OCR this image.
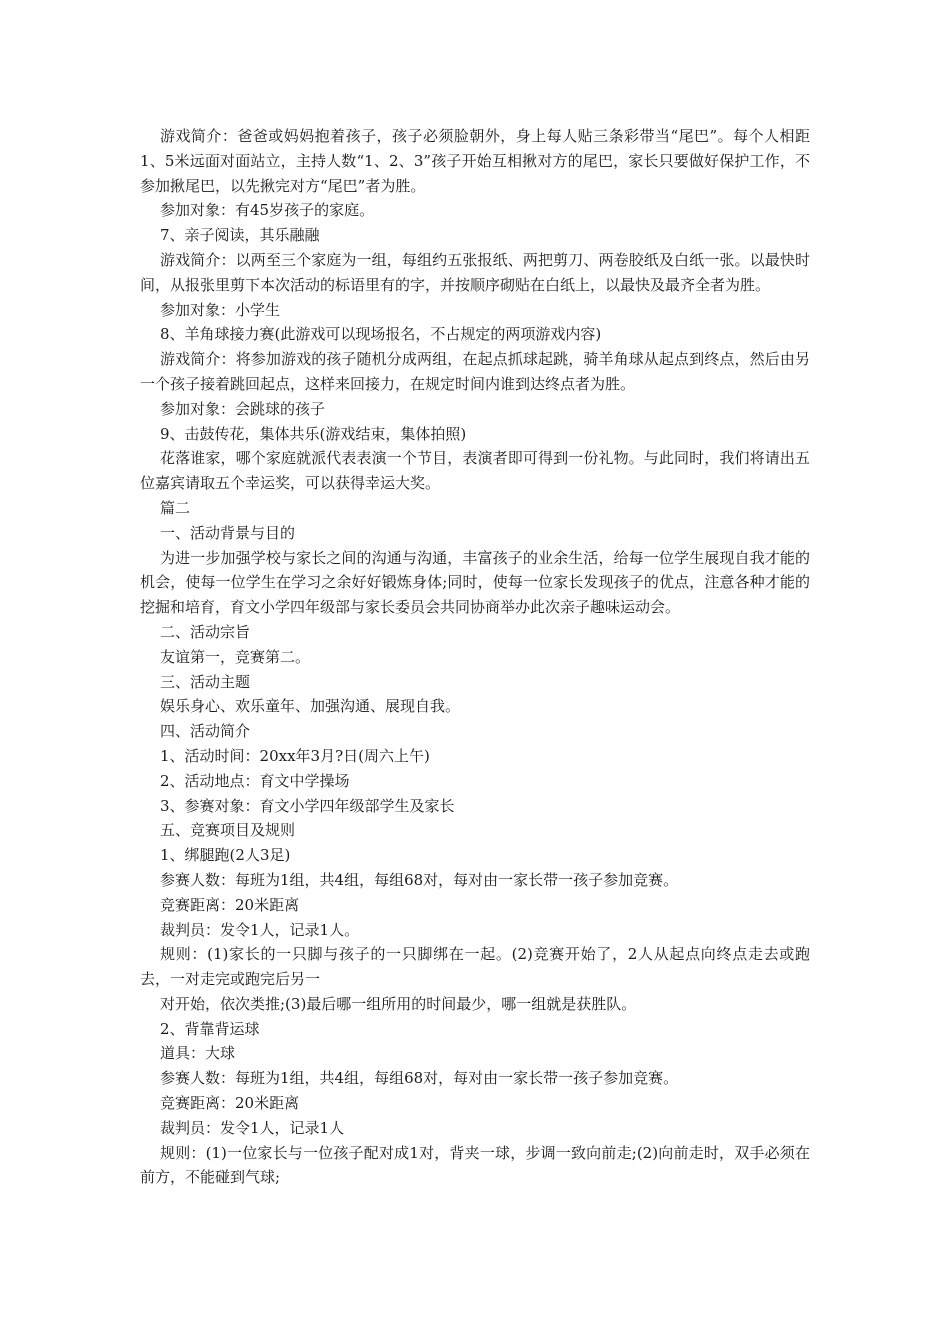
游戏简介：爸爸或妈妈抱着孩子，孩子必须脸朝外，身上每人贴三条彩带当“尾巴”。每个人相距1、5米远面对面站立，主持人数“1、2、3”孩子开始互相揪对方的尾巴，家长只要做好保护工作，不参加揪尾巴，以先揪完对方“尾巴”者为胜。

参加对象：有45岁孩子的家庭。

7、亲子阅读，其乐融融

游戏简介：以两至三个家庭为一组，每组约五张报纸、两把剪刀、两卷胶纸及白纸一张。以最快时间，从报张里剪下本次活动的标语里有的字，并按顺序砌贴在白纸上，以最快及最齐全者为胜。

参加对象：小学生

8、羊角球接力赛(此游戏可以现场报名，不占规定的两项游戏内容)

游戏简介：将参加游戏的孩子随机分成两组，在起点抓球起跳，骑羊角球从起点到终点，然后由另一个孩子接着跳回起点，这样来回接力，在规定时间内谁到达终点者为胜。

参加对象：会跳球的孩子

9、击鼓传花，集体共乐(游戏结束，集体拍照)

花落谁家，哪个家庭就派代表表演一个节目，表演者即可得到一份礼物。与此同时，我们将请出五位嘉宾请取五个幸运奖，可以获得幸运大奖。

篇二

一、活动背景与目的

为进一步加强学校与家长之间的沟通与沟通，丰富孩子的业余生活，给每一位学生展现自我才能的机会，使每一位学生在学习之余好好锻炼身体;同时，使每一位家长发现孩子的优点，注意各种才能的挖掘和培育，育文小学四年级部与家长委员会共同协商举办此次亲子趣味运动会。

二、活动宗旨

友谊第一，竞赛第二。

三、活动主题

娱乐身心、欢乐童年、加强沟通、展现自我。

四、活动简介

1、活动时间：20xx年3月?日(周六上午)

2、活动地点：育文中学操场

3、参赛对象：育文小学四年级部学生及家长

五、竞赛项目及规则

1、绑腿跑(2人3足)

参赛人数：每班为1组，共4组，每组68对，每对由一家长带一孩子参加竞赛。

竞赛距离：20米距离

裁判员：发令1人，记录1人。

规则：(1)家长的一只脚与孩子的一只脚绑在一起。(2)竞赛开始了，2人从起点向终点走去或跑去，一对走完或跑完后另一

对开始，依次类推;(3)最后哪一组所用的时间最少，哪一组就是获胜队。

2、背靠背运球

道具：大球

参赛人数：每班为1组，共4组，每组68对，每对由一家长带一孩子参加竞赛。

竞赛距离：20米距离

裁判员：发令1人，记录1人

规则：(1)一位家长与一位孩子配对成1对，背夹一球，步调一致向前走;(2)向前走时，双手必须在前方，不能碰到气球;
